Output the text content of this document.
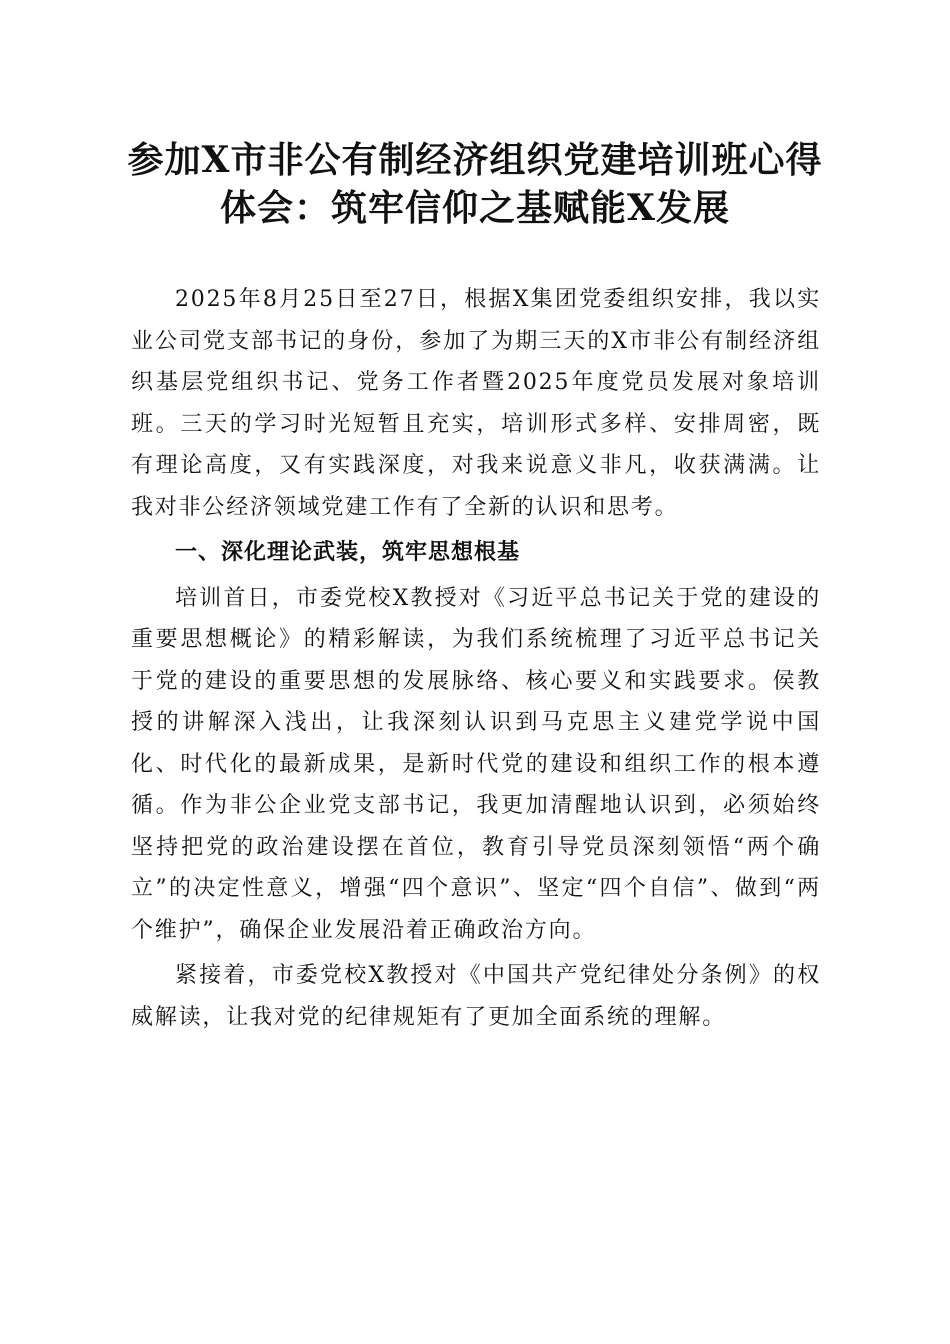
参加X市非公有制经济组织党建培训班心得
体会：筑牢信仰之基赋能X发展

2025年8月25日至27日，根据X集团党委组织安排，我以实业公司党支部书记的身份，参加了为期三天的X市非公有制经济组织基层党组织书记、党务工作者暨2025年度党员发展对象培训班。三天的学习时光短暂且充实，培训形式多样、安排周密，既有理论高度，又有实践深度，对我来说意义非凡，收获满满。让我对非公经济领域党建工作有了全新的认识和思考。

一、深化理论武装，筑牢思想根基

培训首日，市委党校X教授对《习近平总书记关于党的建设的重要思想概论》的精彩解读，为我们系统梳理了习近平总书记关于党的建设的重要思想的发展脉络、核心要义和实践要求。侯教授的讲解深入浅出，让我深刻认识到马克思主义建党学说中国化、时代化的最新成果，是新时代党的建设和组织工作的根本遵循。作为非公企业党支部书记，我更加清醒地认识到，必须始终坚持把党的政治建设摆在首位，教育引导党员深刻领悟“两个确立”的决定性意义，增强“四个意识”、坚定“四个自信”、做到“两个维护”，确保企业发展沿着正确政治方向。

紧接着，市委党校X教授对《中国共产党纪律处分条例》的权威解读，让我对党的纪律规矩有了更加全面系统的理解。
